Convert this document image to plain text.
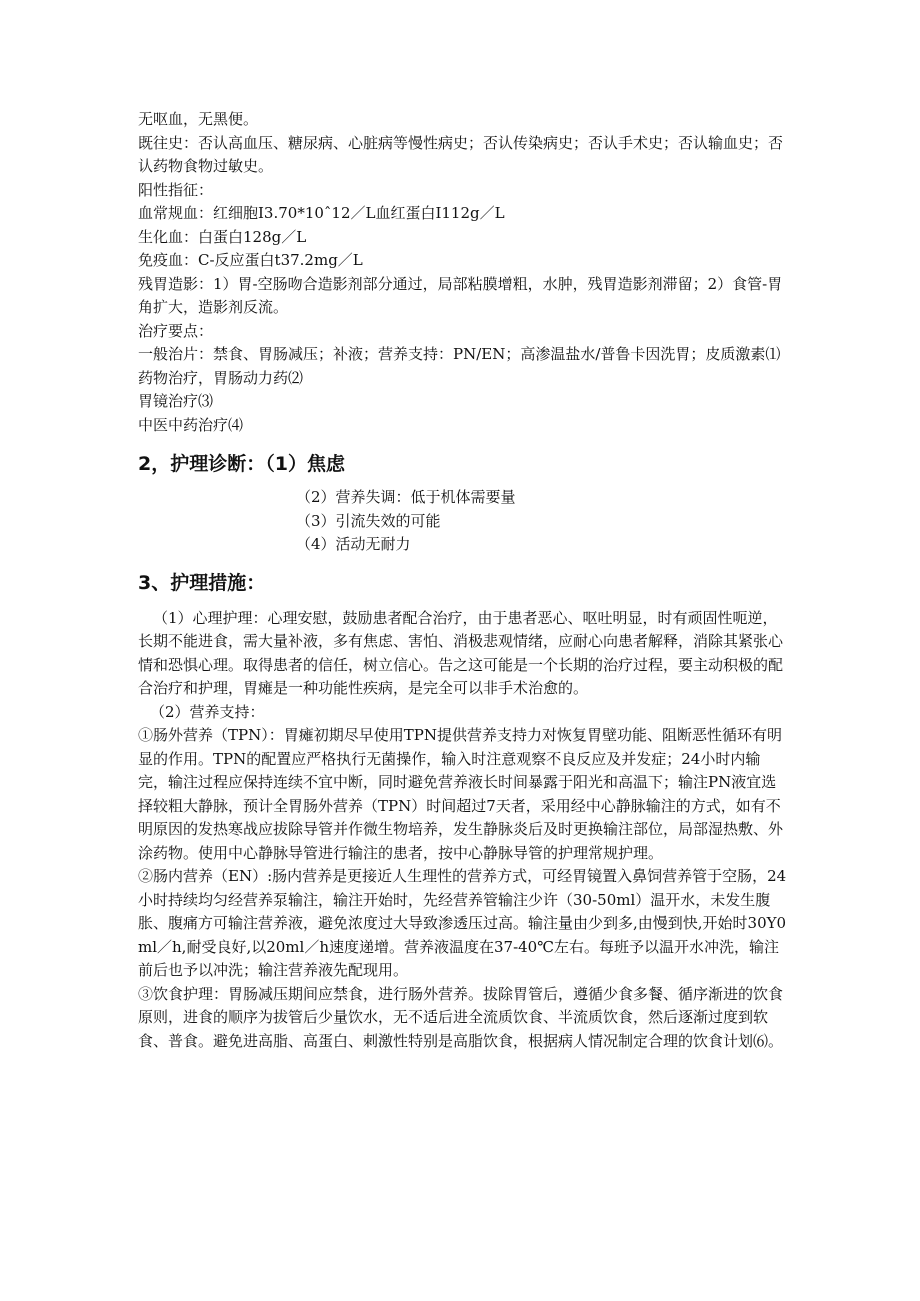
无呕血，无黑便。

既往史：否认高血压、糖尿病、心脏病等慢性病史；否认传染病史；否认手术史；否认输血史；否认药物食物过敏史。

阳性指征：

血常规血：红细胞I3.70*10ˆ12／L血红蛋白I112g／L

生化血：白蛋白128g／L

免疫血：C-反应蛋白t37.2mg／L

残胃造影：1）胃-空肠吻合造影剂部分通过，局部粘膜增粗，水肿，残胃造影剂滞留；2）食管-胃角扩大，造影剂反流。

治疗要点：

一般治片：禁食、胃肠减压；补液；营养支持：PN/EN；高渗温盐水/普鲁卡因洗胃；皮质激素⑴

药物治疗，胃肠动力药⑵

胃镜治疗⑶

中医中药治疗⑷

2，护理诊断：（1）焦虑

（2）营养失调：低于机体需要量

（3）引流失效的可能

（4）活动无耐力

3、护理措施：

（1）心理护理：心理安慰，鼓励患者配合治疗，由于患者恶心、呕吐明显，时有顽固性呃逆，长期不能进食，需大量补液，多有焦虑、害怕、消极悲观情绪，应耐心向患者解释，消除其紧张心情和恐惧心理。取得患者的信任，树立信心。告之这可能是一个长期的治疗过程，要主动积极的配合治疗和护理，胃瘫是一种功能性疾病，是完全可以非手术治愈的。

（2）营养支持：

①肠外营养（TPN）：胃瘫初期尽早使用TPN提供营养支持力对恢复胃壁功能、阻断恶性循环有明显的作用。TPN的配置应严格执行无菌操作，输入时注意观察不良反应及并发症；24小时内输完，输注过程应保持连续不宜中断，同时避免营养液长时间暴露于阳光和高温下；输注PN液宜选择较粗大静脉，预计全胃肠外营养（TPN）时间超过7天者，采用经中心静脉输注的方式，如有不明原因的发热寒战应拔除导管并作微生物培养，发生静脉炎后及时更换输注部位，局部湿热敷、外涂药物。使用中心静脉导管进行输注的患者，按中心静脉导管的护理常规护理。

②肠内营养（EN）:肠内营养是更接近人生理性的营养方式，可经胃镜置入鼻饲营养管于空肠，24小时持续均匀经营养泵输注，输注开始时，先经营养管输注少许（30-50ml）温开水，未发生腹胀、腹痛方可输注营养液，避免浓度过大导致渗透压过高。输注量由少到多,由慢到快,开始时30Y0ml／h,耐受良好,以20ml／h速度递增。营养液温度在37-40℃左右。每班予以温开水冲洗，输注前后也予以冲洗；输注营养液先配现用。

③饮食护理：胃肠减压期间应禁食，进行肠外营养。拔除胃管后，遵循少食多餐、循序渐进的饮食原则，进食的顺序为拔管后少量饮水，无不适后进全流质饮食、半流质饮食，然后逐渐过度到软食、普食。避免进高脂、高蛋白、刺激性特别是高脂饮食，根据病人情况制定合理的饮食计划⑹。
